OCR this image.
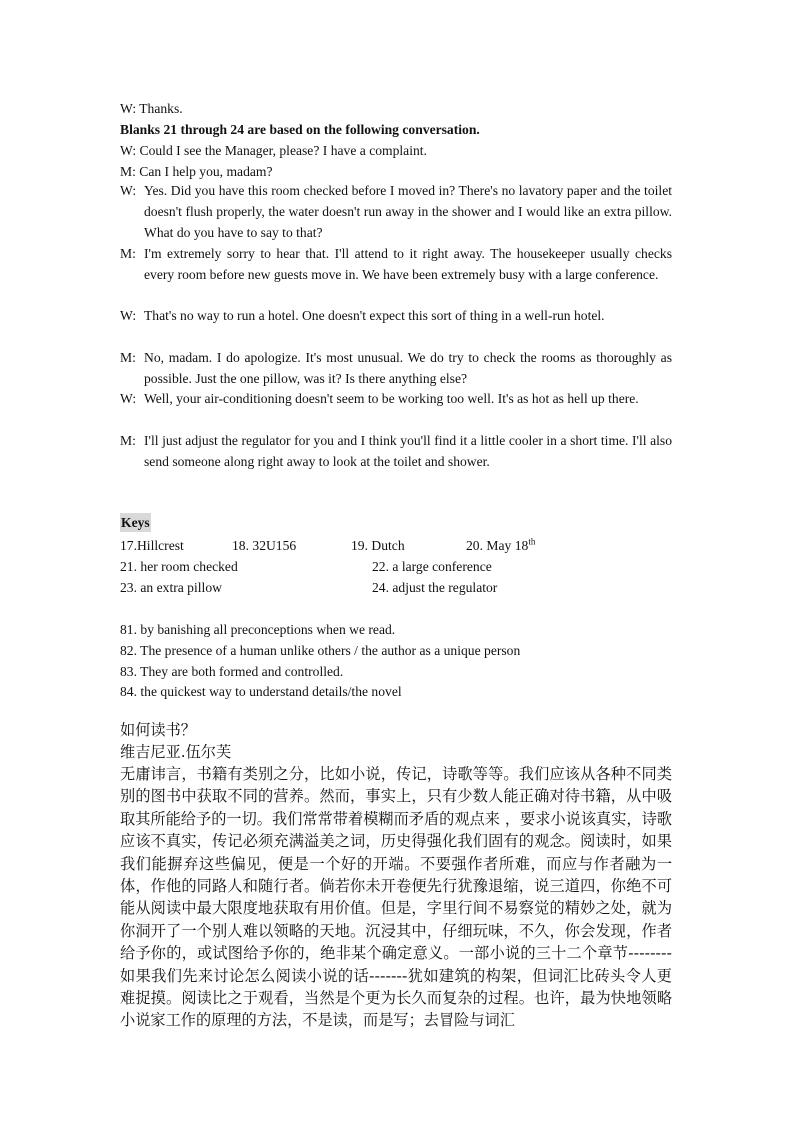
W: Thanks.
Blanks 21 through 24 are based on the following conversation.
W: Could I see the Manager, please? I have a complaint.
M: Can I help you, madam?
W: Yes. Did you have this room checked before I moved in? There's no lavatory paper and the toilet doesn't flush properly, the water doesn't run away in the shower and I would like an extra pillow. What do you have to say to that?
M: I'm extremely sorry to hear that. I'll attend to it right away. The housekeeper usually checks every room before new guests move in. We have been extremely busy with a large conference.
W: That's no way to run a hotel. One doesn't expect this sort of thing in a well-run hotel.
M: No, madam. I do apologize. It's most unusual. We do try to check the rooms as thoroughly as possible. Just the one pillow, was it? Is there anything else?
W: Well, your air-conditioning doesn't seem to be working too well. It's as hot as hell up there.
M: I'll just adjust the regulator for you and I think you'll find it a little cooler in a short time. I'll also send someone along right away to look at the toilet and shower.
Keys
17.Hillcrest	18. 32U156	19. Dutch	20. May 18th
21. her room checked	22. a large conference
23. an extra pillow	24. adjust the regulator
81. by banishing all preconceptions when we read.
82. The presence of a human unlike others / the author as a unique person
83. They are both formed and controlled.
84. the quickest way to understand details/the novel
如何读书？
维吉尼亚.伍尔芙
无庸讳言，书籍有类别之分，比如小说，传记，诗歌等等。我们应该从各种不同类别的图书中获取不同的营养。然而，事实上，只有少数人能正确对待书籍，从中吸取其所能给予的一切。我们常常带着模糊而矛盾的观点来 ，要求小说该真实，诗歌应该不真实，传记必须充满溢美之词，历史得强化我们固有的观念。阅读时，如果我们能摒弃这些偏见，便是一个好的开端。不要强作者所难，而应与作者融为一体，作他的同路人和随行者。倘若你未开卷便先行犹豫退缩，说三道四，你绝不可能从阅读中最大限度地获取有用价值。但是，字里行间不易察觉的精妙之处，就为你洞开了一个别人难以领略的天地。沉浸其中，仔细玩味，不久，你会发现，作者给予你的，或试图给予你的，绝非某个确定意义。一部小说的三十二个章节--------如果我们先来讨论怎么阅读小说的话-------犹如建筑的构架，但词汇比砖头令人更难捉摸。阅读比之于观看，当然是个更为长久而复杂的过程。也许，最为快地领略小说家工作的原理的方法，不是读，而是写；去冒险与词汇
